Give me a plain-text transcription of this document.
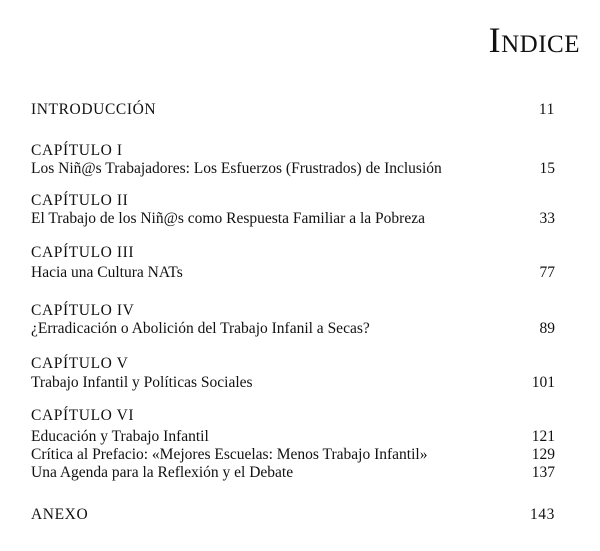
Indice
INTRODUCCIÓN	11
CAPÍTULO I
Los Niñ@s Trabajadores: Los Esfuerzos (Frustrados) de Inclusión	15
CAPÍTULO II
El Trabajo de los Niñ@s como Respuesta Familiar a la Pobreza	33
CAPÍTULO III
Hacia una Cultura NATs	77
CAPÍTULO IV
¿Erradicación o Abolición del Trabajo Infanil a Secas?	89
CAPÍTULO V
Trabajo Infantil y Políticas Sociales	101
CAPÍTULO VI
Educación y Trabajo Infantil	121
Crítica al Prefacio: «Mejores Escuelas: Menos Trabajo Infantil»	129
Una Agenda para la Reflexión y el Debate	137
ANEXO	143
